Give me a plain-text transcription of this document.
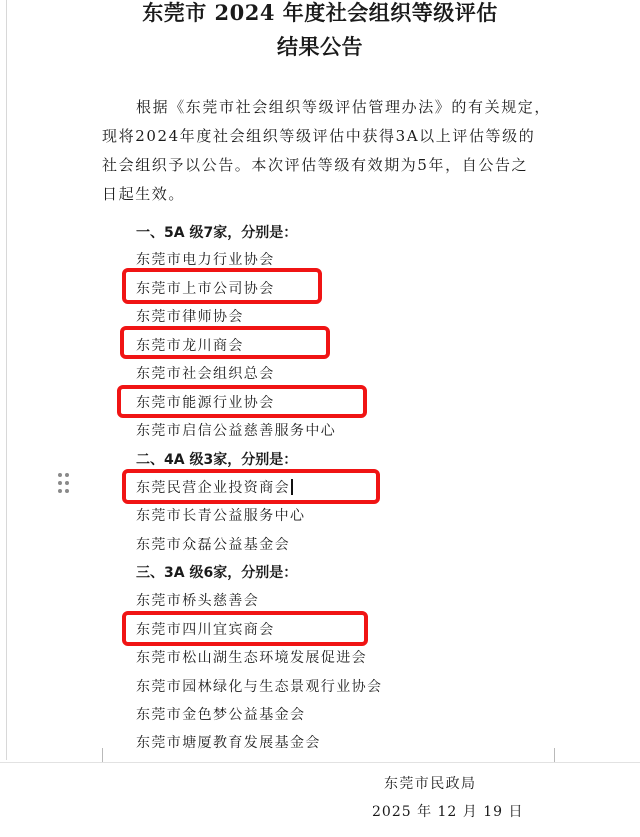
东莞市 2024 年度社会组织等级评估
结果公告
根据《东莞市社会组织等级评估管理办法》的有关规定，
现将2024年度社会组织等级评估中获得3A以上评估等级的
社会组织予以公告。本次评估等级有效期为5年，自公告之
日起生效。
一、5A 级7家，分别是：
东莞市电力行业协会
东莞市上市公司协会
东莞市律师协会
东莞市龙川商会
东莞市社会组织总会
东莞市能源行业协会
东莞市启信公益慈善服务中心
二、4A 级3家，分别是：
东莞民营企业投资商会
东莞市长青公益服务中心
东莞市众磊公益基金会
三、3A 级6家，分别是：
东莞市桥头慈善会
东莞市四川宜宾商会
东莞市松山湖生态环境发展促进会
东莞市园林绿化与生态景观行业协会
东莞市金色梦公益基金会
东莞市塘厦教育发展基金会
东莞市民政局
2025 年 12 月 19 日
